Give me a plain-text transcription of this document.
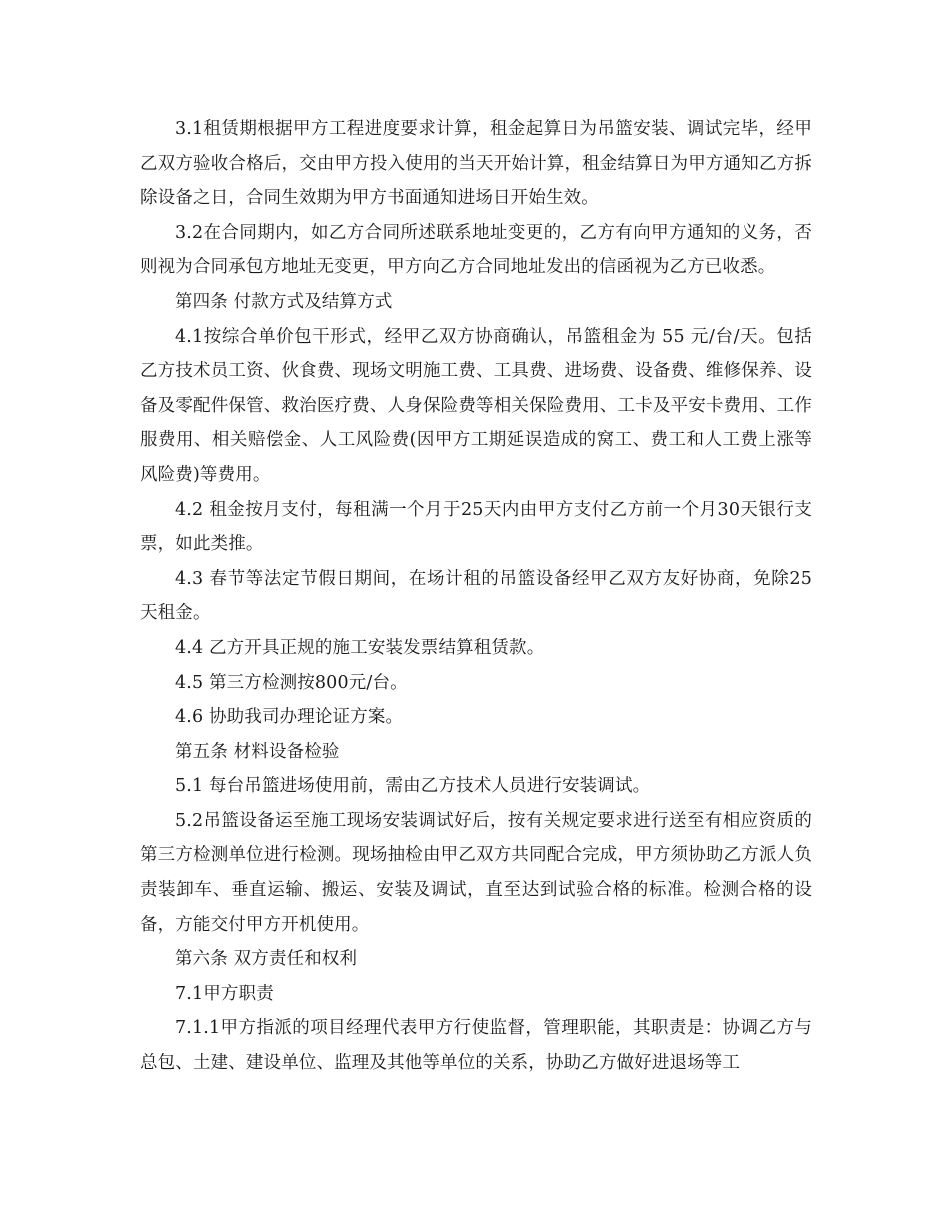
3.1租赁期根据甲方工程进度要求计算，租金起算日为吊篮安装、调试完毕，经甲乙双方验收合格后，交由甲方投入使用的当天开始计算，租金结算日为甲方通知乙方拆除设备之日，合同生效期为甲方书面通知进场日开始生效。

3.2在合同期内，如乙方合同所述联系地址变更的，乙方有向甲方通知的义务，否则视为合同承包方地址无变更，甲方向乙方合同地址发出的信函视为乙方已收悉。

第四条 付款方式及结算方式

4.1按综合单价包干形式，经甲乙双方协商确认，吊篮租金为 55 元/台/天。包括乙方技术员工资、伙食费、现场文明施工费、工具费、进场费、设备费、维修保养、设备及零配件保管、救治医疗费、人身保险费等相关保险费用、工卡及平安卡费用、工作服费用、相关赔偿金、人工风险费(因甲方工期延误造成的窝工、费工和人工费上涨等风险费)等费用。

4.2 租金按月支付，每租满一个月于25天内由甲方支付乙方前一个月30天银行支票，如此类推。

4.3 春节等法定节假日期间，在场计租的吊篮设备经甲乙双方友好协商，免除25天租金。

4.4 乙方开具正规的施工安装发票结算租赁款。

4.5 第三方检测按800元/台。

4.6 协助我司办理论证方案。

第五条 材料设备检验

5.1 每台吊篮进场使用前，需由乙方技术人员进行安装调试。

5.2吊篮设备运至施工现场安装调试好后，按有关规定要求进行送至有相应资质的第三方检测单位进行检测。现场抽检由甲乙双方共同配合完成，甲方须协助乙方派人负责装卸车、垂直运输、搬运、安装及调试，直至达到试验合格的标准。检测合格的设备，方能交付甲方开机使用。

第六条 双方责任和权利

7.1甲方职责

7.1.1甲方指派的项目经理代表甲方行使监督，管理职能，其职责是：协调乙方与总包、土建、建设单位、监理及其他等单位的关系，协助乙方做好进退场等工
